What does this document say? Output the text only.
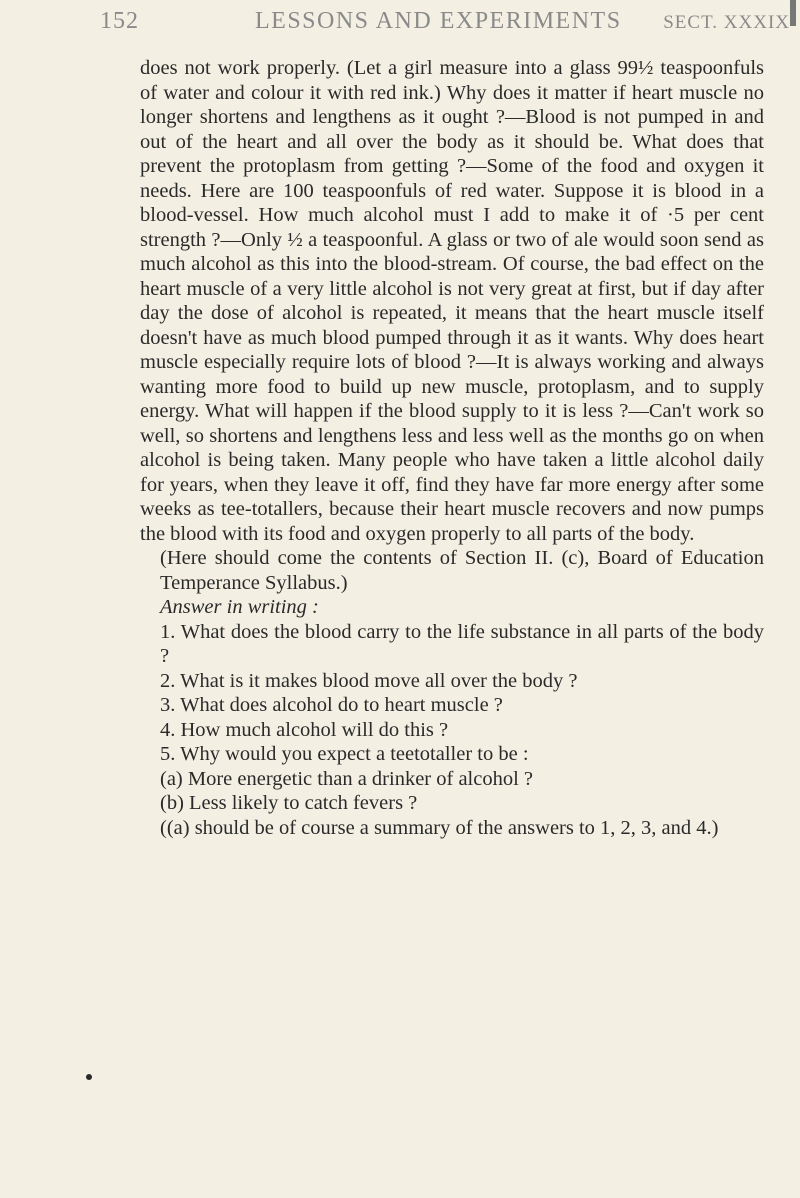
152	LESSONS AND EXPERIMENTS SECT. XXXIX

does not work properly. (Let a girl measure into a glass 99½ teaspoonfuls of water and colour it with red ink.) Why does it matter if heart muscle no longer shortens and lengthens as it ought ?—Blood is not pumped in and out of the heart and all over the body as it should be. What does that prevent the protoplasm from getting ?—Some of the food and oxygen it needs. Here are 100 teaspoonfuls of red water. Suppose it is blood in a blood-vessel. How much alcohol must I add to make it of ·5 per cent strength ?—Only ½ a teaspoonful. A glass or two of ale would soon send as much alcohol as this into the blood-stream. Of course, the bad effect on the heart muscle of a very little alcohol is not very great at first, but if day after day the dose of alcohol is repeated, it means that the heart muscle itself doesn't have as much blood pumped through it as it wants. Why does heart muscle especially require lots of blood ?—It is always working and always wanting more food to build up new muscle, protoplasm, and to supply energy. What will happen if the blood supply to it is less ?—Can't work so well, so shortens and lengthens less and less well as the months go on when alcohol is being taken. Many people who have taken a little alcohol daily for years, when they leave it off, find they have far more energy after some weeks as tee-totallers, because their heart muscle recovers and now pumps the blood with its food and oxygen properly to all parts of the body.

(Here should come the contents of Section II. (c), Board of Education Temperance Syllabus.)

Answer in writing :

1. What does the blood carry to the life substance in all parts of the body ?

2. What is it makes blood move all over the body ?

3. What does alcohol do to heart muscle ?

4. How much alcohol will do this ?

5. Why would you expect a teetotaller to be :

(a) More energetic than a drinker of alcohol ?

(b) Less likely to catch fevers ?

((a) should be of course a summary of the answers to 1, 2, 3, and 4.)
